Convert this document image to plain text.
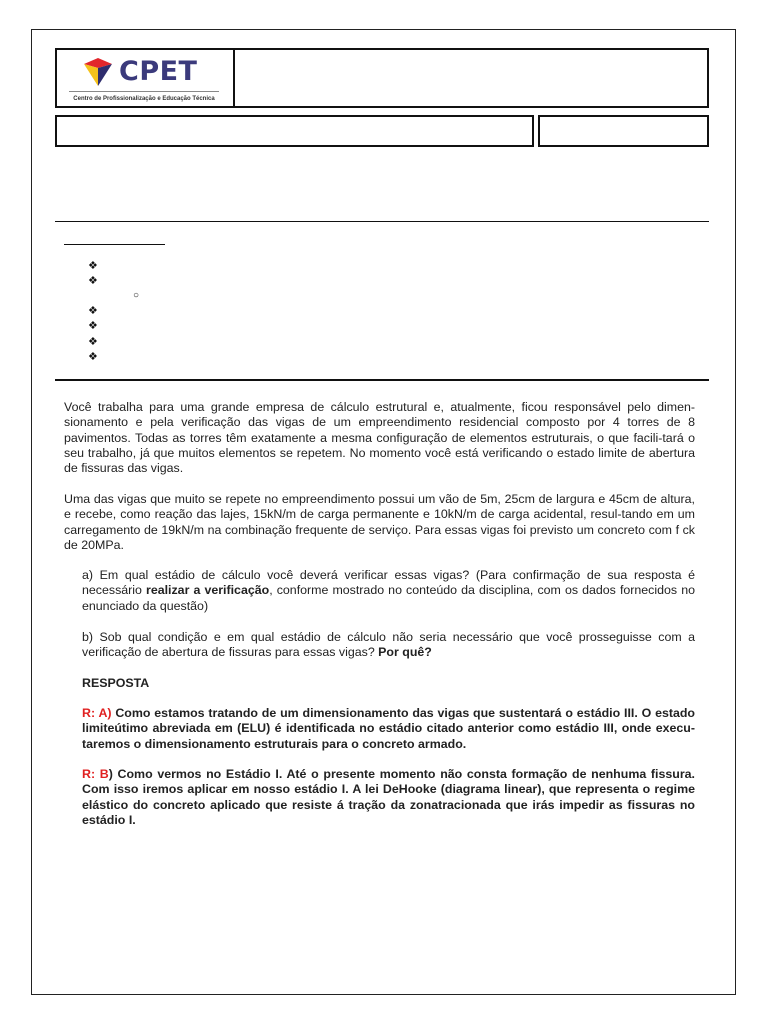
CPET
Centro de Profissionalização e Educação Técnica
❖
❖
○
❖
❖
❖
❖

Você trabalha para uma grande empresa de cálculo estrutural e, atualmente, ficou responsável pelo dimen-sionamento e pela verificação das vigas de um empreendimento residencial composto por 4 torres de 8 pavimentos. Todas as torres têm exatamente a mesma configuração de elementos estruturais, o que facili-tará o seu trabalho, já que muitos elementos se repetem. No momento você está verificando o estado limite de abertura de fissuras das vigas.

Uma das vigas que muito se repete no empreendimento possui um vão de 5m, 25cm de largura e 45cm de altura, e recebe, como reação das lajes, 15kN/m de carga permanente e 10kN/m de carga acidental, resul-tando em um carregamento de 19kN/m na combinação frequente de serviço. Para essas vigas foi previsto um concreto com f ck de 20MPa.

a) Em qual estádio de cálculo você deverá verificar essas vigas? (Para confirmação de sua resposta é necessário realizar a verificação, conforme mostrado no conteúdo da disciplina, com os dados fornecidos no enunciado da questão)

b) Sob qual condição e em qual estádio de cálculo não seria necessário que você prosseguisse com a verificação de abertura de fissuras para essas vigas? Por quê?

RESPOSTA

R: A) Como estamos tratando de um dimensionamento das vigas que sustentará o estádio III. O estado limiteútimo abreviada em (ELU) é identificada no estádio citado anterior como estádio III, onde execu-taremos o dimensionamento estruturais para o concreto armado.

R: B) Como vermos no Estádio I. Até o presente momento não consta formação de nenhuma fissura. Com isso iremos aplicar em nosso estádio I. A lei DeHooke (diagrama linear), que representa o regime elástico do concreto aplicado que resiste á tração da zonatracionada que irás impedir as fissuras no estádio I.
